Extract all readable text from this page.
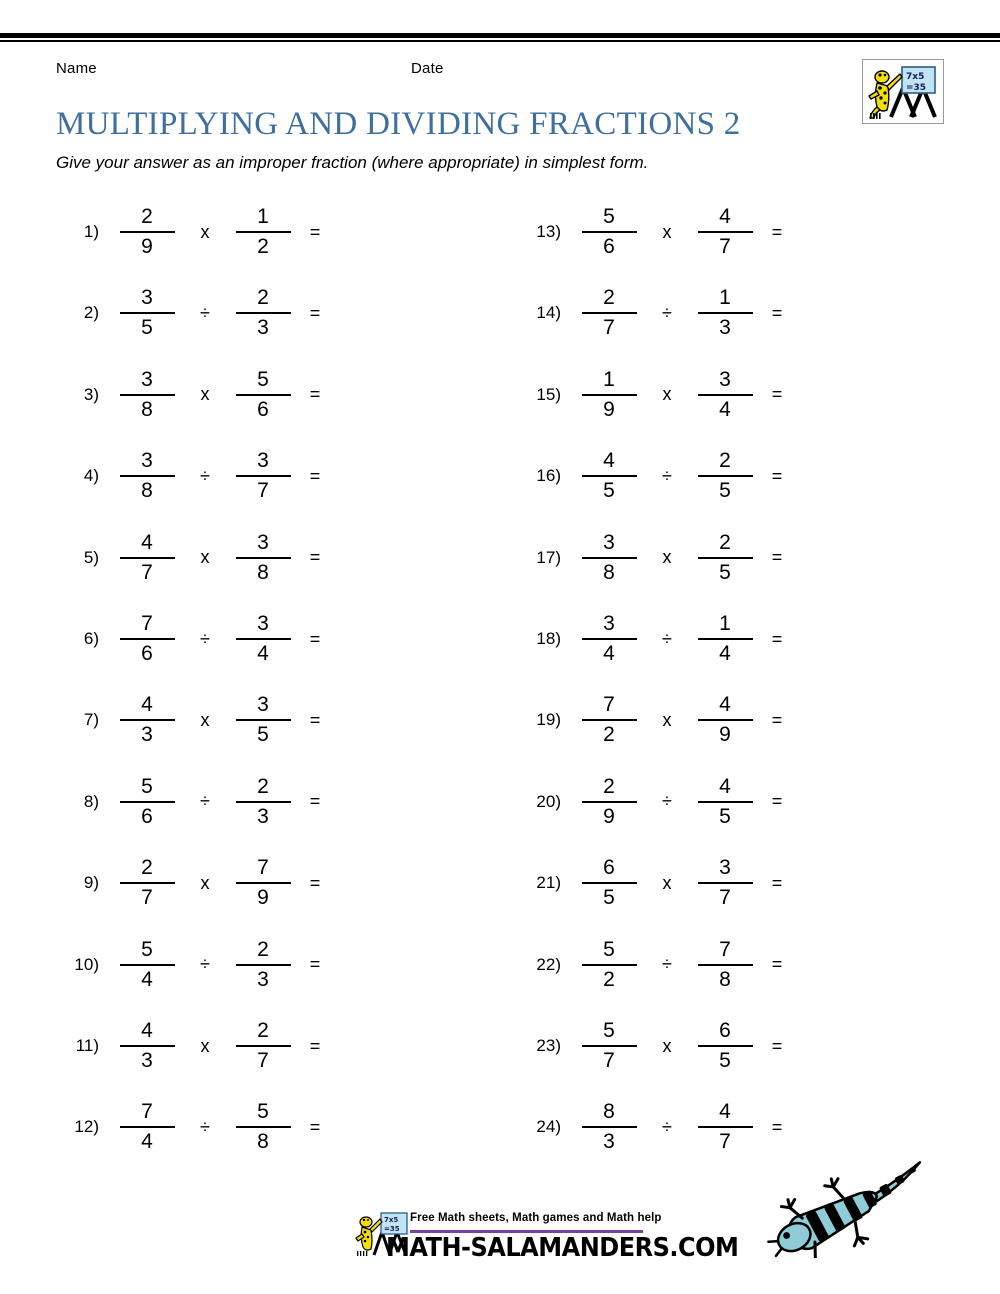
Name	Date
MULTIPLYING AND DIVIDING FRACTIONS 2
Give your answer as an improper fraction (where appropriate) in simplest form.
7x5
=35
$1) \frac{2}{9}$	x $\frac{1}{2}$ =
$2) \frac{3}{5}$	÷ $\frac{2}{3}$ =
$3) \frac{3}{8}$	x $\frac{5}{6}$ =
$4) \frac{3}{8}$	÷ $\frac{3}{7}$ =
$5) \frac{4}{7}$	x $\frac{3}{8}$ =
$6) \frac{7}{6}$	÷ $\frac{3}{4}$ =
$7) \frac{4}{3}$	x $\frac{3}{5}$ =
$8) \frac{5}{6}$	÷ $\frac{2}{3}$ =
$9) \frac{2}{7}$	x $\frac{7}{9}$ =
$10) \frac{5}{4}$	÷ $\frac{2}{3}$ =
$11) \frac{4}{3}$	x $\frac{2}{7}$ =
$12) \frac{7}{4}$	÷ $\frac{5}{8}$ =
$13) \frac{5}{6}$	x $\frac{4}{7}$ =
$14) \frac{2}{7}$	÷ $\frac{1}{3}$ =
$15) \frac{1}{9}$	x $\frac{3}{4}$ =
$16) \frac{4}{5}$	÷ $\frac{2}{5}$ =
$17) \frac{3}{8}$	x $\frac{2}{5}$ =
$18) \frac{3}{4}$	÷ $\frac{1}{4}$ =
$19) \frac{7}{2}$	x $\frac{4}{9}$ =
$20) \frac{2}{9}$	÷ $\frac{4}{5}$ =
$21) \frac{6}{5}$	x $\frac{3}{7}$ =
$22) \frac{5}{2}$	÷ $\frac{7}{8}$ =
$23) \frac{5}{7}$	x $\frac{6}{5}$ =
$24) \frac{8}{3}$	÷ $\frac{4}{7}$ =
7x5
=35
Free Math sheets, Math games and Math help
MATH-SALAMANDERS.COM
